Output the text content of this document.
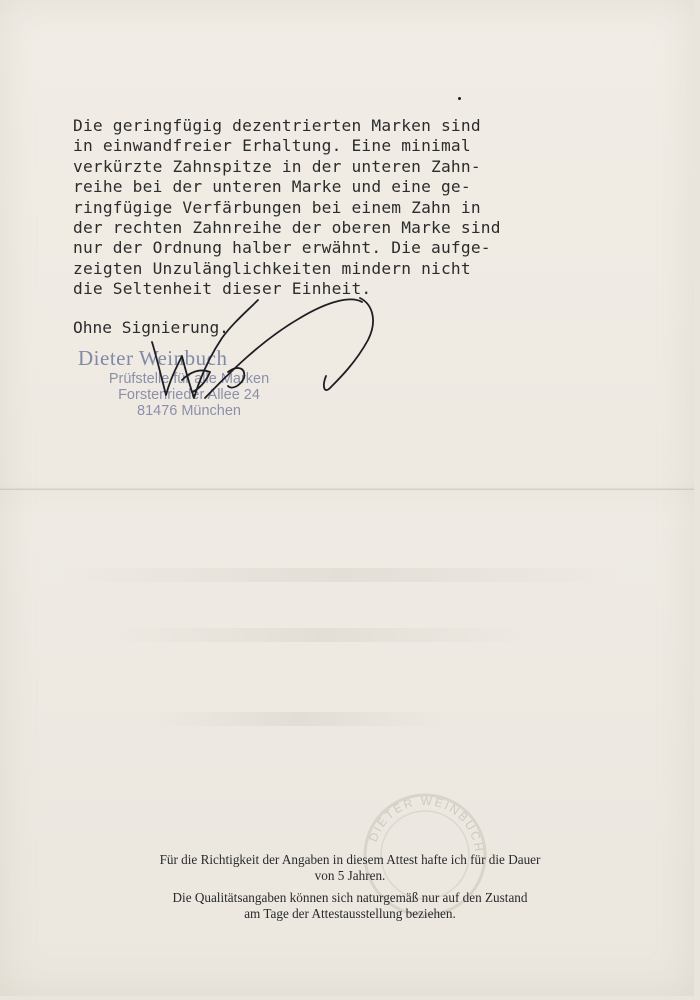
Die geringfügig dezentrierten Marken sind
in einwandfreier Erhaltung. Eine minimal
verkürzte Zahnspitze in der unteren Zahn-
reihe bei der unteren Marke und eine ge-
ringfügige Verfärbungen bei einem Zahn in
der rechten Zahnreihe der oberen Marke sind
nur der Ordnung halber erwähnt. Die aufge-
zeigten Unzulänglichkeiten mindern nicht
die Seltenheit dieser Einheit.
Ohne Signierung.
Dieter Weinbuch
Prüfstelle für alle Marken
Forstenrieder Allee 24
81476 München
DIETER WEINBUCH

Für die Richtigkeit der Angaben in diesem Attest hafte ich für die Dauer
von 5 Jahren.

Die Qualitätsangaben können sich naturgemäß nur auf den Zustand
am Tage der Attestausstellung beziehen.
